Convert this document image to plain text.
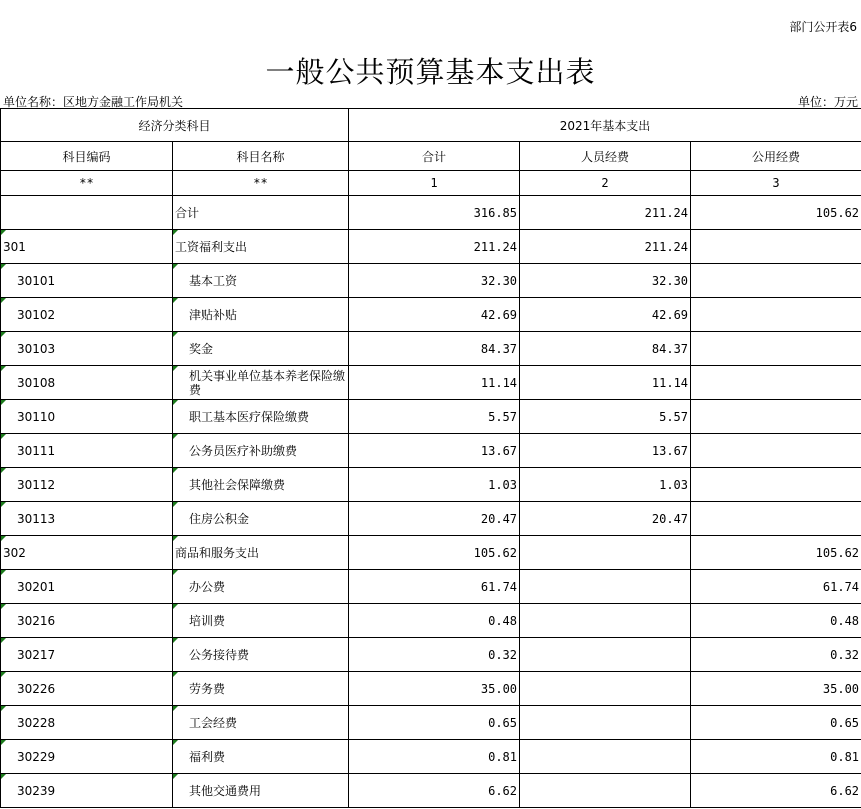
部门公开表6
一般公共预算基本支出表
单位名称：区地方金融工作局机关	单位：万元
经济分类科目		2021年基本支出		
科目编码	科目名称	合计	人员经费	公用经费
**	**	1	2	3
	合计	316.85	211.24	105.62

301	工资福利支出	211.24	211.24	

30101	基本工资	32.30	32.30	

30102	津贴补贴	42.69	42.69	

30103	奖金	84.37	84.37	

30108	机关事业单位基本养老保险缴费	11.14	11.14	

30110	职工基本医疗保险缴费	5.57	5.57	

30111	公务员医疗补助缴费	13.67	13.67	

30112	其他社会保障缴费	1.03	1.03	

30113	住房公积金	20.47	20.47	

302	商品和服务支出	105.62		105.62

30201	办公费	61.74		61.74

30216	培训费	0.48		0.48

30217	公务接待费	0.32		0.32

30226	劳务费	35.00		35.00

30228	工会经费	0.65		0.65

30229	福利费	0.81		0.81

30239	其他交通费用	6.62		6.62
